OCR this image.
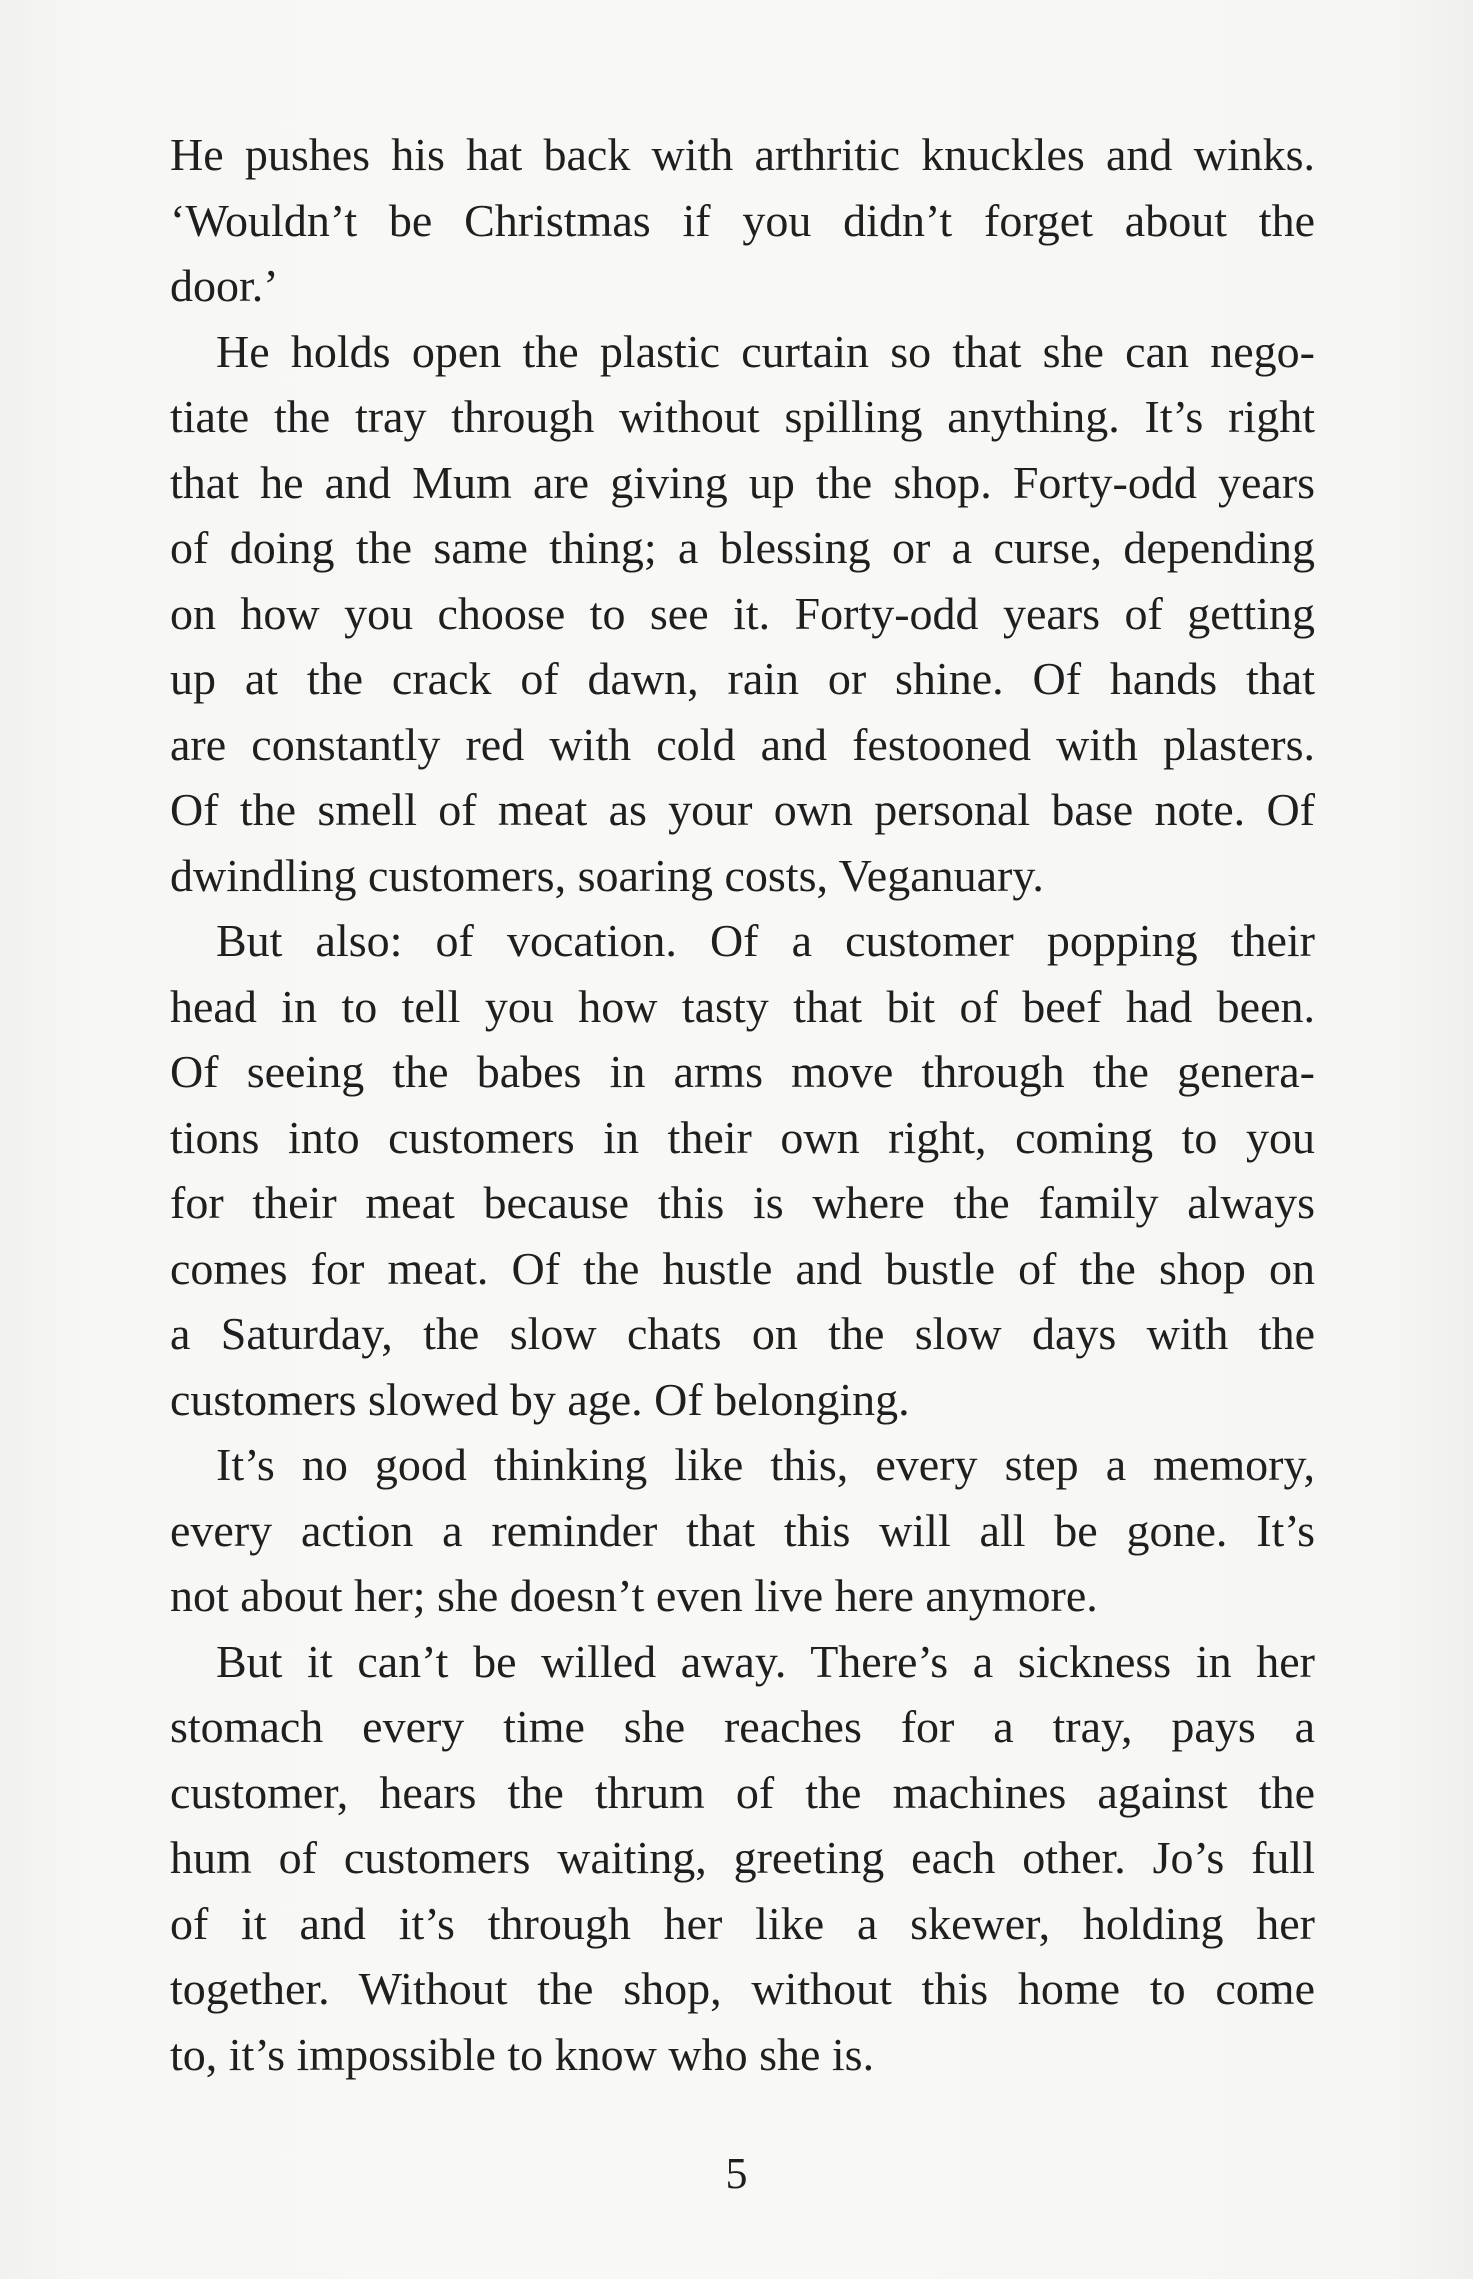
He pushes his hat back with arthritic knuckles and winks.
‘Wouldn’t be Christmas if you didn’t forget about the
door.’
He holds open the plastic curtain so that she can nego-
tiate the tray through without spilling anything. It’s right
that he and Mum are giving up the shop. Forty-odd years
of doing the same thing; a blessing or a curse, depending
on how you choose to see it. Forty-odd years of getting
up at the crack of dawn, rain or shine. Of hands that
are constantly red with cold and festooned with plasters.
Of the smell of meat as your own personal base note. Of
dwindling customers, soaring costs, Veganuary.
But also: of vocation. Of a customer popping their
head in to tell you how tasty that bit of beef had been.
Of seeing the babes in arms move through the genera-
tions into customers in their own right, coming to you
for their meat because this is where the family always
comes for meat. Of the hustle and bustle of the shop on
a Saturday, the slow chats on the slow days with the
customers slowed by age. Of belonging.
It’s no good thinking like this, every step a memory,
every action a reminder that this will all be gone. It’s
not about her; she doesn’t even live here anymore.
But it can’t be willed away. There’s a sickness in her
stomach every time she reaches for a tray, pays a
customer, hears the thrum of the machines against the
hum of customers waiting, greeting each other. Jo’s full
of it and it’s through her like a skewer, holding her
together. Without the shop, without this home to come
to, it’s impossible to know who she is.
5
